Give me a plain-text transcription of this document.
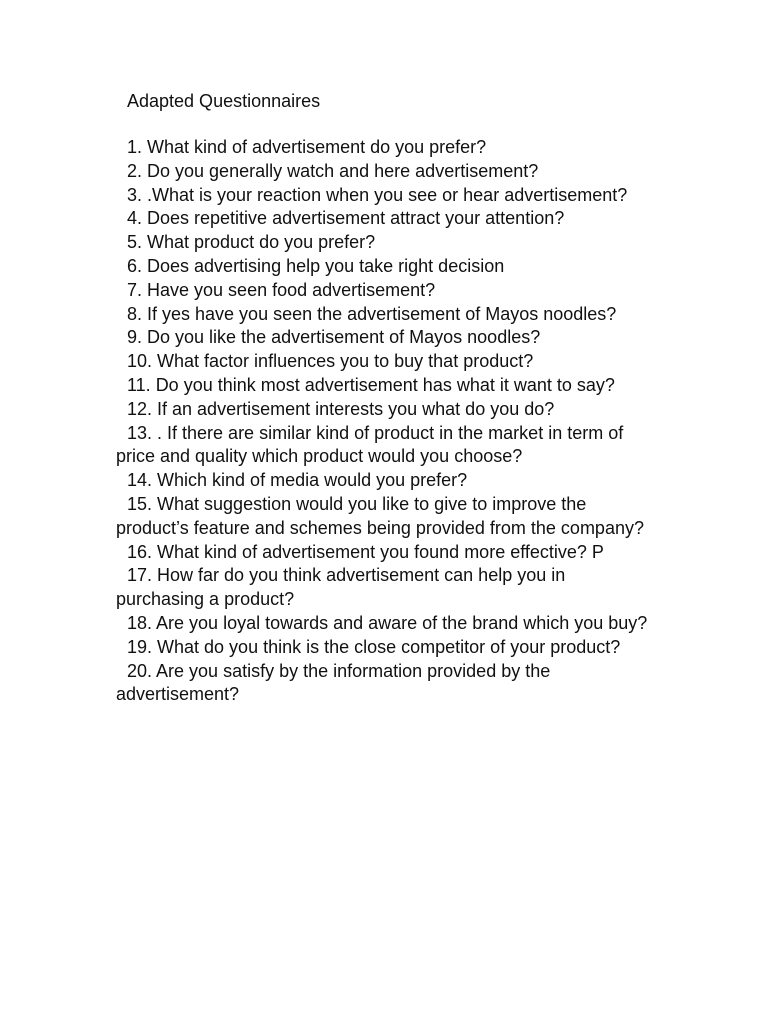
Adapted Questionnaires
1. What kind of advertisement do you prefer?
2. Do you generally watch and here advertisement?
3. .What is your reaction when you see or hear advertisement?
4. Does repetitive advertisement attract your attention?
5. What product do you prefer?
6. Does advertising help you take right decision
7. Have you seen food advertisement?
8. If yes have you seen the advertisement of Mayos noodles?
9. Do you like the advertisement of Mayos noodles?
10. What factor influences you to buy that product?
11. Do you think most advertisement has what it want to say?
12. If an advertisement interests you what do you do?
13. . If there are similar kind of product in the market in term of price and quality which product would you choose?
14. Which kind of media would you prefer?
15. What suggestion would you like to give to improve the product’s feature and schemes being provided from the company?
16. What kind of advertisement you found more effective? P
17. How far do you think advertisement can help you in purchasing a product?
18. Are you loyal towards and aware of the brand which you buy?
19. What do you think is the close competitor of your product?
20. Are you satisfy by the information provided by the advertisement?
